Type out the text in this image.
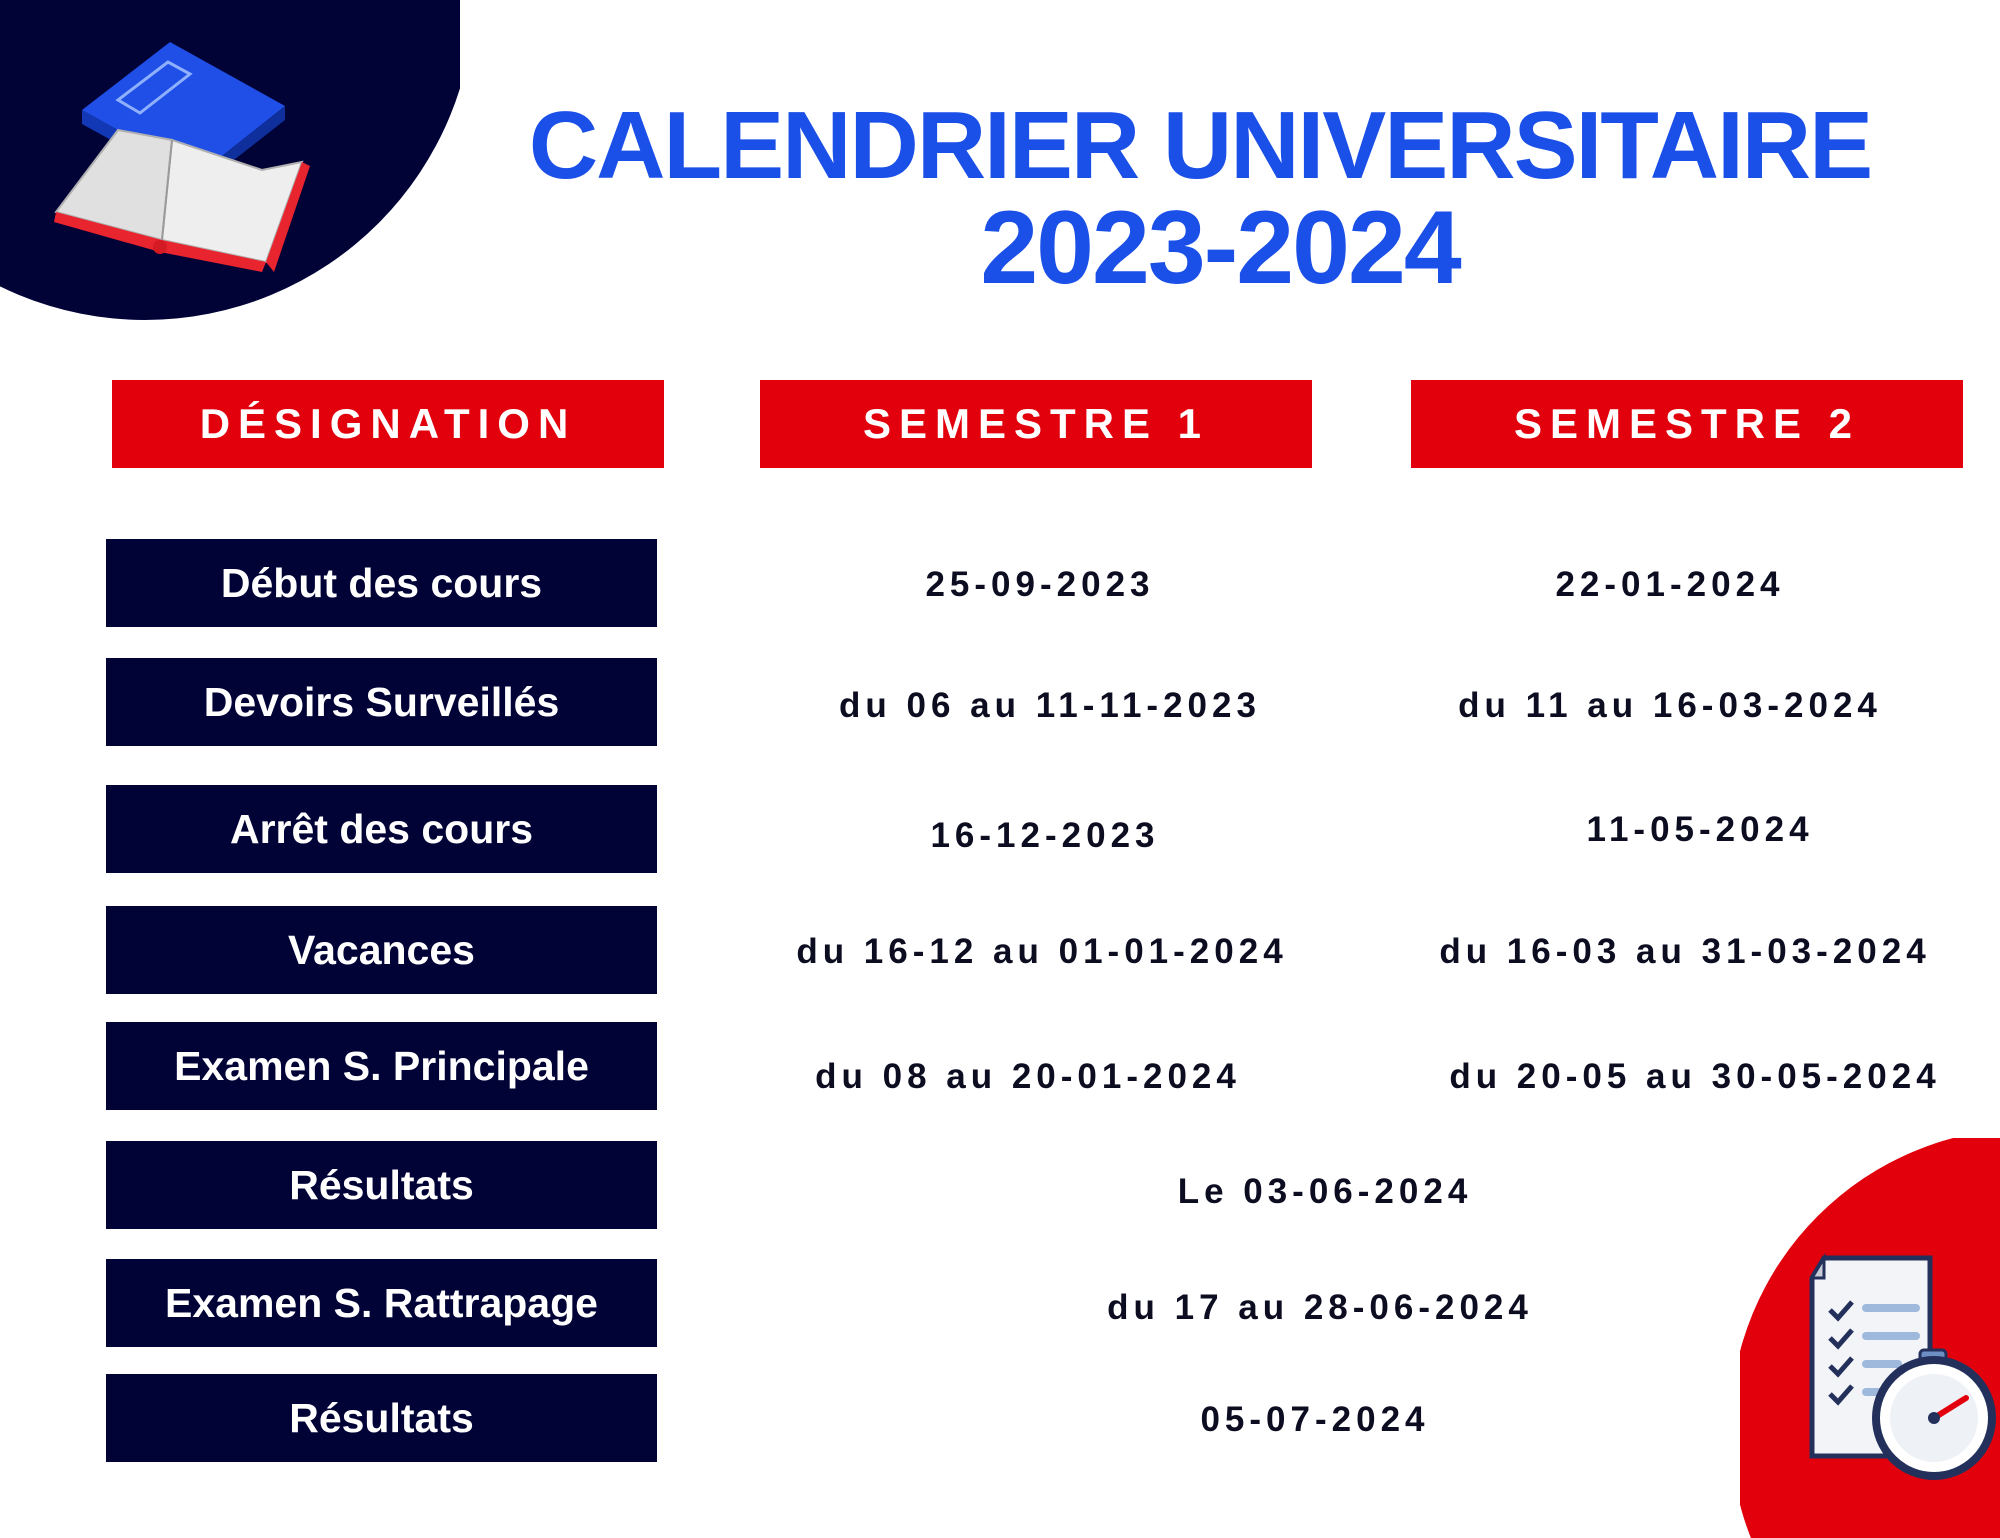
CALENDRIER UNIVERSITAIRE
2023-2024
DÉSIGNATION	SEMESTRE 1	SEMESTRE 2
Début des cours	25-09-2023	22-01-2024
Devoirs Surveillés	du 06 au 11-11-2023	du 11 au 16-03-2024
Arrêt des cours	16-12-2023	11-05-2024
Vacances	du 16-12 au 01-01-2024	du 16-03 au 31-03-2024
Examen S. Principale	du 08 au 20-01-2024	du 20-05 au 30-05-2024
Résultats	Le 03-06-2024
Examen S. Rattrapage	du 17 au 28-06-2024
Résultats	05-07-2024
